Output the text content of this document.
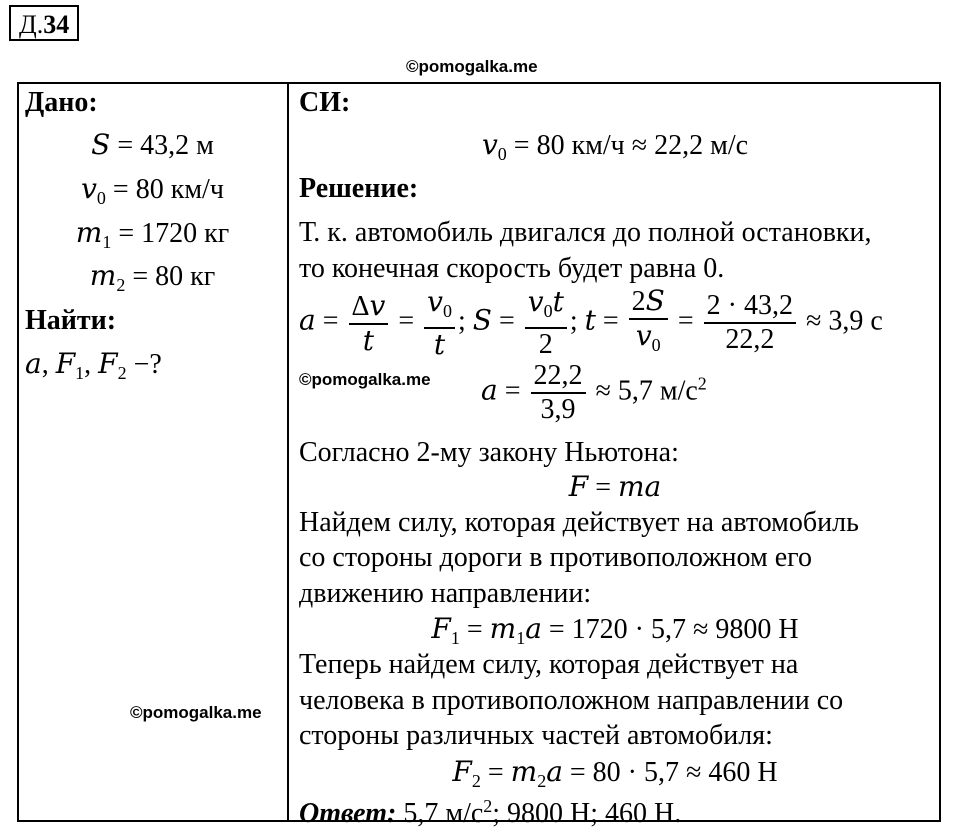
Д.34
©pomogalka.me
Дано:
S = 43,2 м
$v_0 = 80$ км/ч
$m_1 = 1720$ кг
$m_2 = 80$ кг
Найти:
a, $F_1$, $F_2$ −?
©pomogalka.me
СИ:
$v_0 = 80$ км/ч ≈ 22,2 м/с
Решение:
Т. к. автомобиль двигался до полной остановки,
то конечная скорость будет равна 0.
$a = \frac{\Delta v}{t} = \frac{v_0}{t}$ ; $S = \frac{v_0t}{2}$ ; $t = \frac{2S}{v_0} = \frac{2 \cdot 43,2}{22,2} \approx 3,9$ с
©pomogalka.me $a = \frac{22,2}{3,9} \approx 5,7$ $м/с^2$
Согласно 2-му закону Ньютона:
F = ma
Найдем силу, которая действует на автомобиль
со стороны дороги в противоположном его
движению направлении:
$F_1 = m_1a = 1720 \cdot 5,7 \approx 9800$ Н
Теперь найдем силу, которая действует на
человека в противоположном направлении со
стороны различных частей автомобиля:
$F_2 = m_2a = 80 \cdot 5,7 \approx 460$ Н
Ответ: 5,7 $м/с^2$; 9800 Н; 460 Н.
